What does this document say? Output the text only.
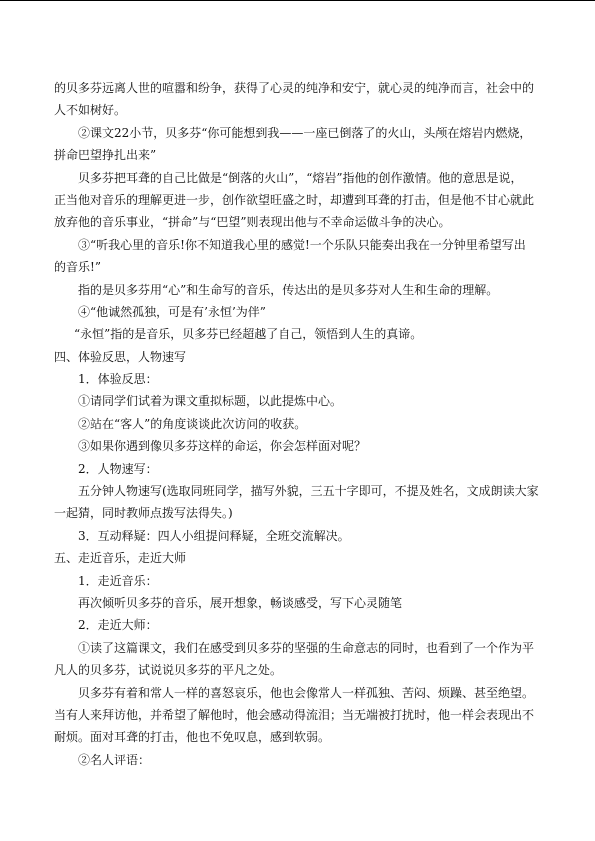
的贝多芬远离人世的喧嚣和纷争，获得了心灵的纯净和安宁，就心灵的纯净而言，社会中的
人不如树好。
②课文22小节，贝多芬“你可能想到我——一座已倒落了的火山，头颅在熔岩内燃烧，
拼命巴望挣扎出来”
贝多芬把耳聋的自己比做是“倒落的火山”，“熔岩”指他的创作激情。他的意思是说，
正当他对音乐的理解更进一步，创作欲望旺盛之时，却遭到耳聋的打击，但是他不甘心就此
放弃他的音乐事业，“拼命”与“巴望”则表现出他与不幸命运做斗争的决心。
③“听我心里的音乐!你不知道我心里的感觉!一个乐队只能奏出我在一分钟里希望写出
的音乐!”
指的是贝多芬用“心”和生命写的音乐，传达出的是贝多芬对人生和生命的理解。
④“他诚然孤独，可是有’永恒’为伴”
“永恒”指的是音乐，贝多芬已经超越了自己，领悟到人生的真谛。
四、体验反思，人物速写
1．体验反思：
①请同学们试着为课文重拟标题，以此提炼中心。
②站在“客人”的角度谈谈此次访问的收获。
③如果你遇到像贝多芬这样的命运，你会怎样面对呢？
2．人物速写：
五分钟人物速写(选取同班同学，描写外貌，三五十字即可，不提及姓名，文成朗读大家
一起猜，同时教师点拨写法得失。)
3．互动释疑：四人小组提问释疑，全班交流解决。
五、走近音乐，走近大师
1．走近音乐：
再次倾听贝多芬的音乐，展开想象，畅谈感受，写下心灵随笔
2．走近大师：
①读了这篇课文，我们在感受到贝多芬的坚强的生命意志的同时，也看到了一个作为平
凡人的贝多芬，试说说贝多芬的平凡之处。
贝多芬有着和常人一样的喜怒哀乐，他也会像常人一样孤独、苦闷、烦躁、甚至绝望。
当有人来拜访他，并希望了解他时，他会感动得流泪；当无端被打扰时，他一样会表现出不
耐烦。面对耳聋的打击，他也不免叹息，感到软弱。
②名人评语：
